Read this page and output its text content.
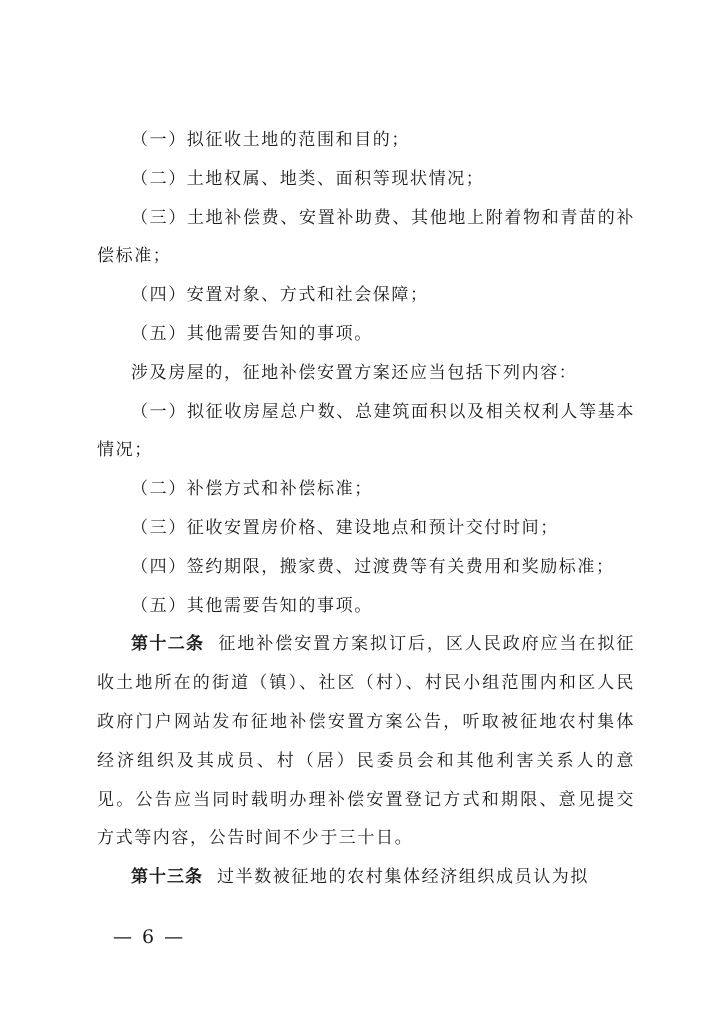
（一）拟征收土地的范围和目的；

（二）土地权属、地类、面积等现状情况；

（三）土地补偿费、安置补助费、其他地上附着物和青苗的补偿标准；

（四）安置对象、方式和社会保障；

（五）其他需要告知的事项。

涉及房屋的，征地补偿安置方案还应当包括下列内容：

（一）拟征收房屋总户数、总建筑面积以及相关权利人等基本情况；

（二）补偿方式和补偿标准；

（三）征收安置房价格、建设地点和预计交付时间；

（四）签约期限，搬家费、过渡费等有关费用和奖励标准；

（五）其他需要告知的事项。

第十二条 征地补偿安置方案拟订后，区人民政府应当在拟征收土地所在的街道（镇）、社区（村）、村民小组范围内和区人民政府门户网站发布征地补偿安置方案公告，听取被征地农村集体经济组织及其成员、村（居）民委员会和其他利害关系人的意见。公告应当同时载明办理补偿安置登记方式和期限、意见提交方式等内容，公告时间不少于三十日。

第十三条 过半数被征地的农村集体经济组织成员认为拟

— 6 —
